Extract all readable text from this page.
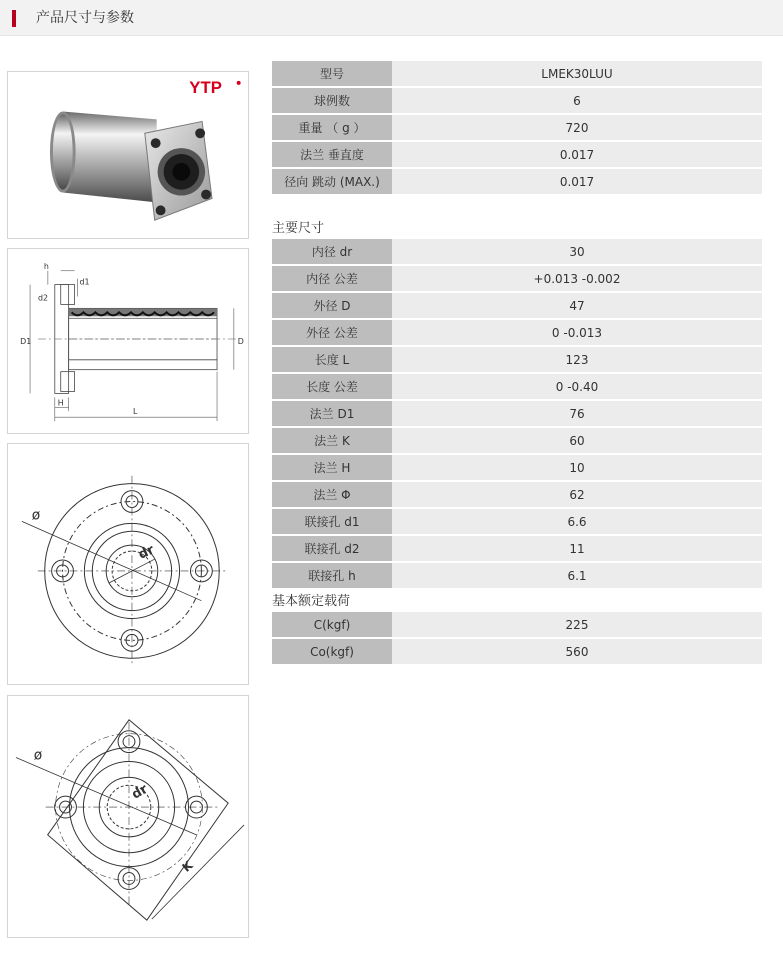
产品尺寸与参数
YTP
h
d1
d2
D1	D
H
L
ø
dr
ø
dr
K
型号	LMEK30LUU
球例数	6
重量 （ g ）	720
法兰 垂直度	0.017
径向 跳动 (MAX.)	0.017
主要尺寸
内径 dr	30
内径 公差	+0.013 -0.002
外径 D	47
外径 公差	0 -0.013
长度 L	123
长度 公差	0 -0.40
法兰 D1	76
法兰 K	60
法兰 H	10
法兰 Φ	62
联接孔 d1	6.6
联接孔 d2	11
联接孔 h	6.1
基本额定载荷
C(kgf)	225
Co(kgf)	560
